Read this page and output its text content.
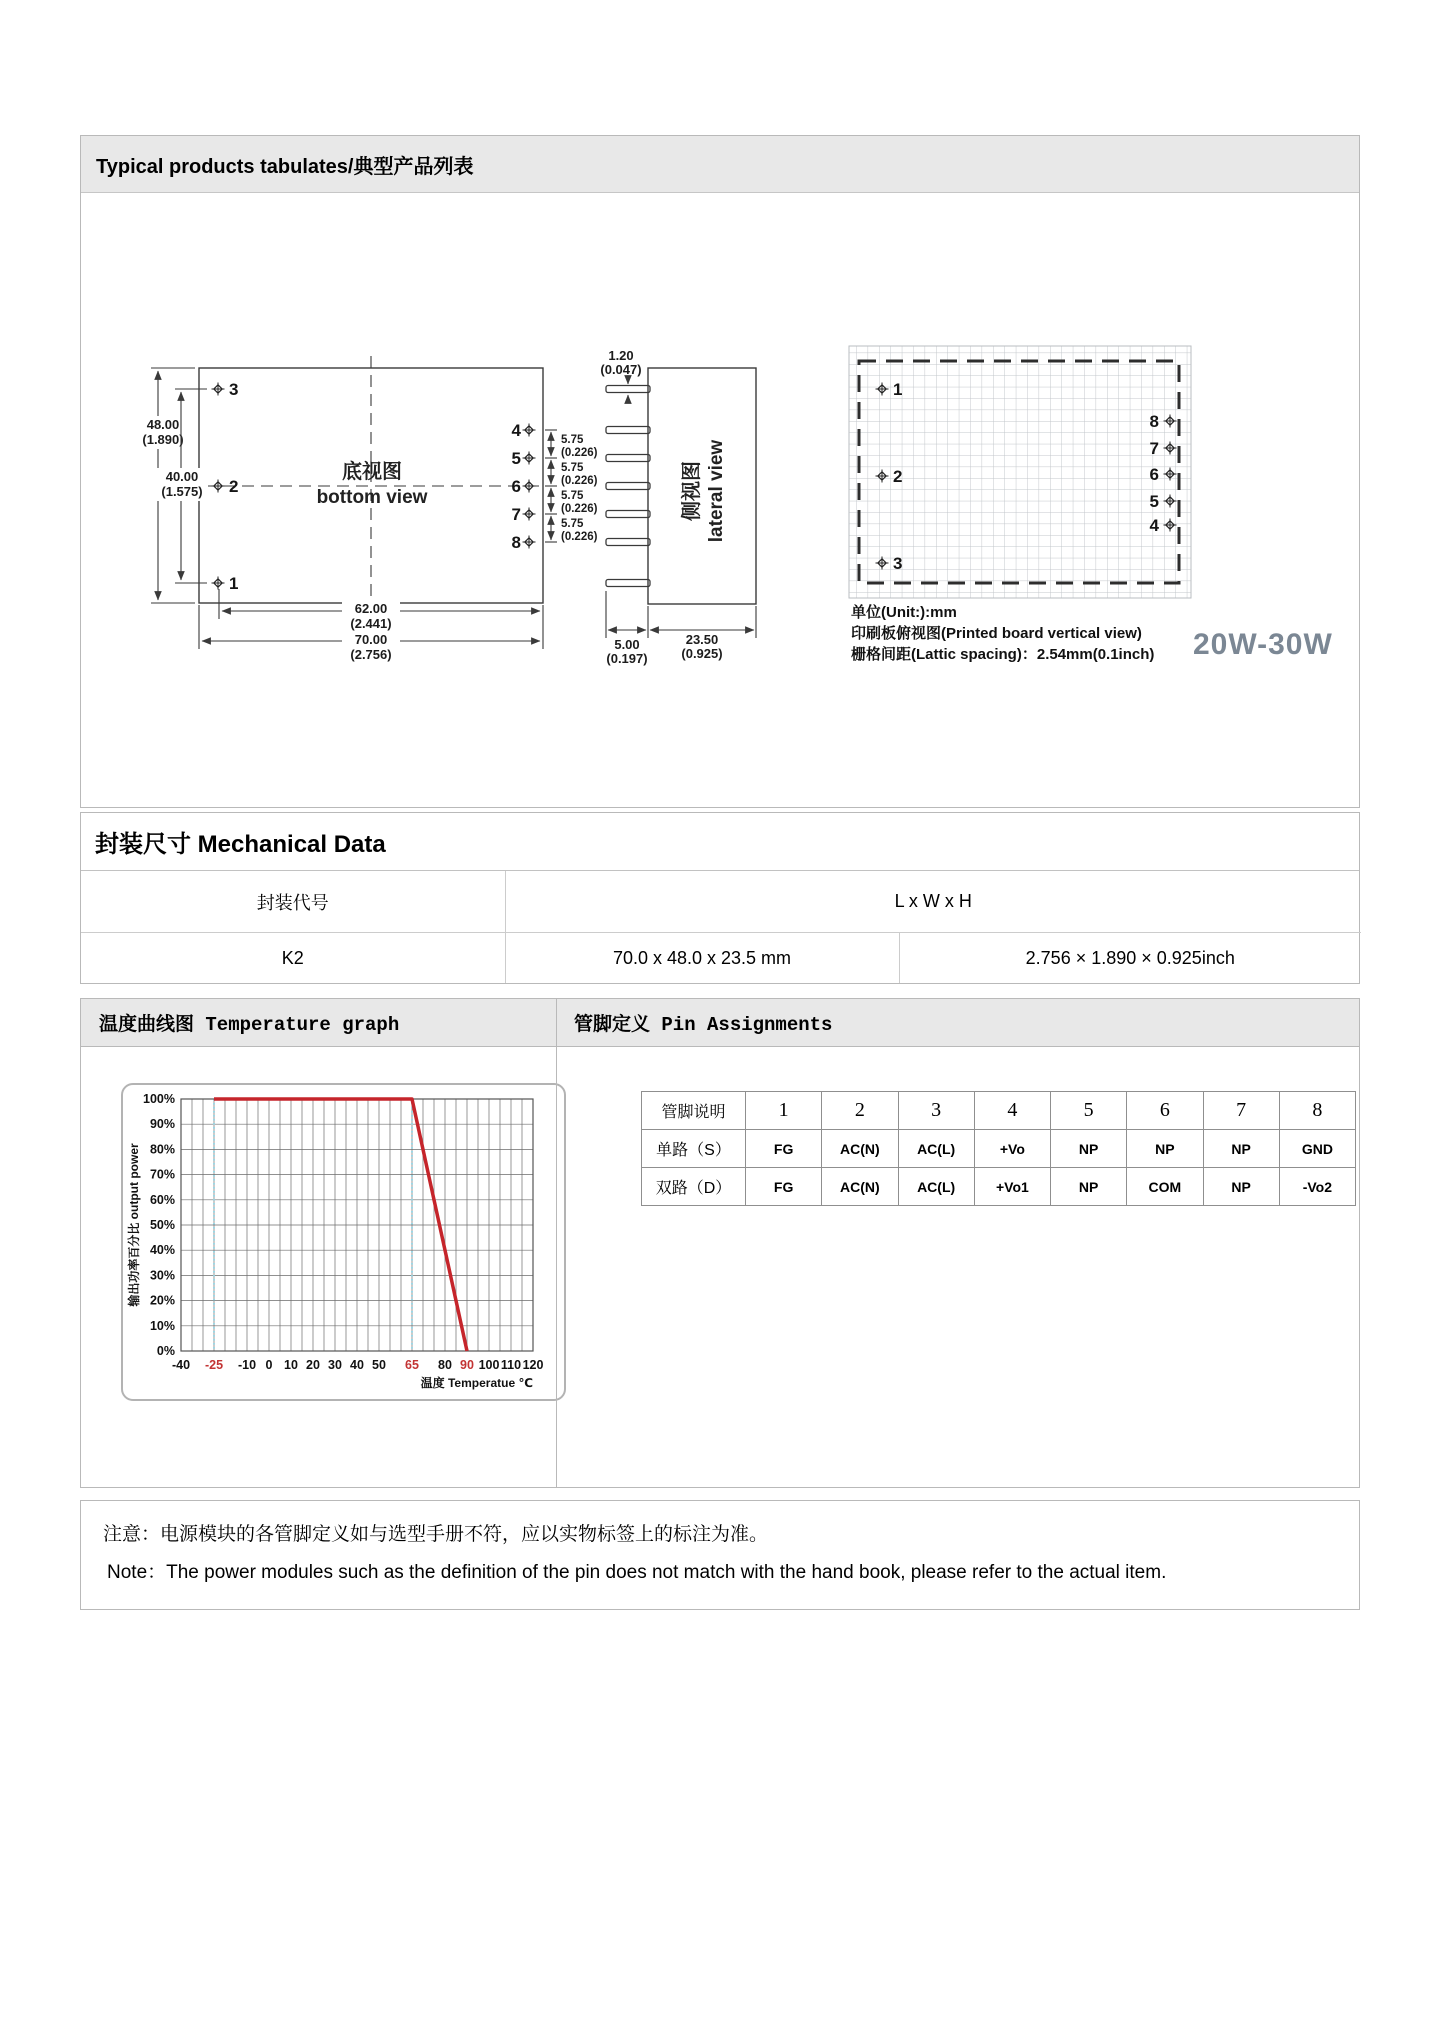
Typical products tabulates/典型产品列表
底视图
bottom view
48.00
(1.890)
40.00
(1.575)
62.00
(2.441)
70.00
(2.756)
5.75
(0.226)
5.75
(0.226)
5.75
(0.226)
5.75
(0.226)
3
2
1
4
5
6
7
8
侧视图 lateral view
1.20
(0.047)
5.00
(0.197)
23.50
(0.925)
1
2
3
8
7
6
5
4
单位(Unit:):mm
印刷板俯视图(Printed board vertical view)
栅格间距(Lattic spacing)：2.54mm(0.1inch) 20W-30W
封装尺寸 Mechanical Data
封装代号	L x W x H	
K2	70.0 x 48.0 x 23.5 mm	2.756 × 1.890 × 0.925inch
温度曲线图 Temperature graph	管脚定义 Pin Assignments
0%
10%
20%
30%
40%
50%
60%
70%
80%
90%
100%
-40 -25 -10 0 10 20 30 40 50 65 80 90 100 110 120
温度 Temperatue ℃
输出功率百分比 output power
管脚说明	1	2	3	4	5	6	7	8
单路（S）	FG	AC(N)	AC(L)	+Vo	NP	NP	NP	GND
双路（D）	FG	AC(N)	AC(L)	+Vo1	NP	COM	NP	-Vo2

注意：电源模块的各管脚定义如与选型手册不符，应以实物标签上的标注为准。

Note：The power modules such as the definition of the pin does not match with the hand book, please refer to the actual item.
